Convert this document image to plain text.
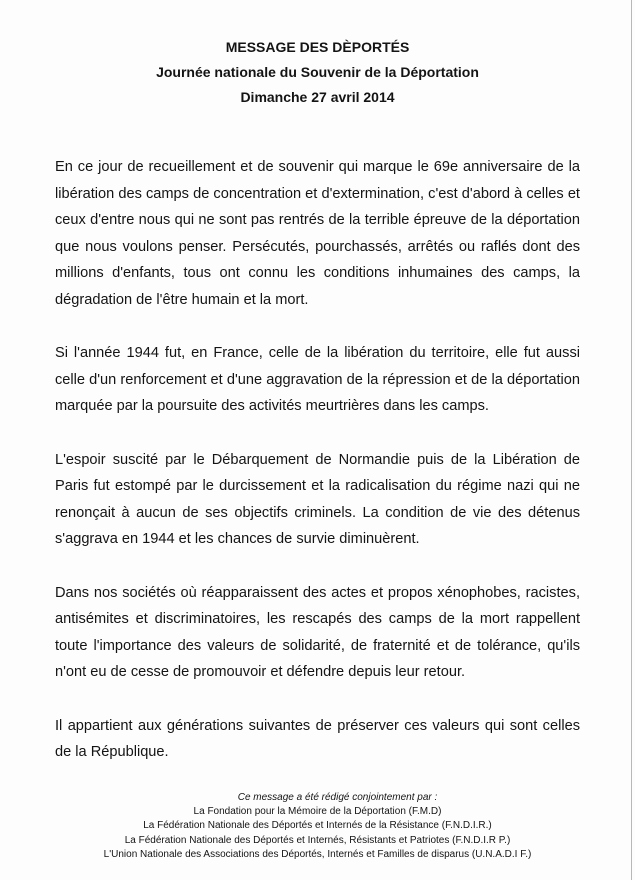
MESSAGE DES DÈPORTÉS
Journée nationale du Souvenir de la Déportation
Dimanche 27 avril 2014

En ce jour de recueillement et de souvenir qui marque le 69e anniversaire de la libération des camps de concentration et d'extermination, c'est d'abord à celles et ceux d'entre nous qui ne sont pas rentrés de la terrible épreuve de la déportation que nous voulons penser. Persécutés, pourchassés, arrêtés ou raflés dont des millions d'enfants, tous ont connu les conditions inhumaines des camps, la dégradation de l'être humain et la mort.

Si l'année 1944 fut, en France, celle de la libération du territoire, elle fut aussi celle d'un renforcement et d'une aggravation de la répression et de la déportation marquée par la poursuite des activités meurtrières dans les camps.

L'espoir suscité par le Débarquement de Normandie puis de la Libération de Paris fut estompé par le durcissement et la radicalisation du régime nazi qui ne renonçait à aucun de ses objectifs criminels. La condition de vie des détenus s'aggrava en 1944 et les chances de survie diminuèrent.

Dans nos sociétés où réapparaissent des actes et propos xénophobes, racistes, antisémites et discriminatoires, les rescapés des camps de la mort rappellent toute l'importance des valeurs de solidarité, de fraternité et de tolérance, qu'ils n'ont eu de cesse de promouvoir et défendre depuis leur retour.

Il appartient aux générations suivantes de préserver ces valeurs qui sont celles de la République.

Ce message a été rédigé conjointement par :
La Fondation pour la Mémoire de la Déportation (F.M.D)
La Fédération Nationale des Déportés et Internés de la Résistance (F.N.D.I.R.)
La Fédération Nationale des Déportés et Internés, Résistants et Patriotes (F.N.D.I.R P.)
L'Union Nationale des Associations des Déportés, Internés et Familles de disparus (U.N.A.D.I F.)
